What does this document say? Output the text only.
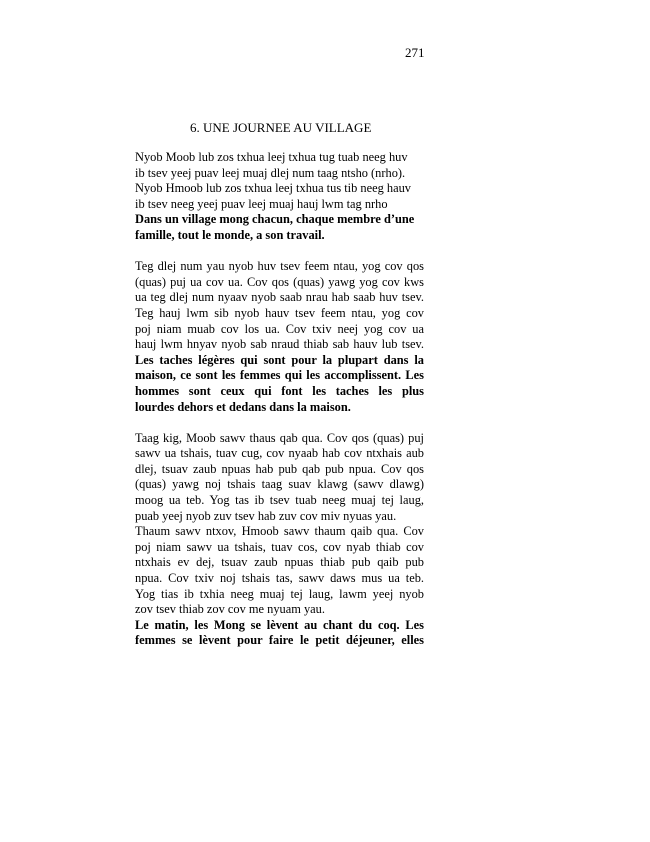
271
6. UNE JOURNEE AU VILLAGE
Nyob Moob lub zos txhua leej txhua tug tuab neeg huv
ib tsev yeej puav leej muaj dlej num taag ntsho (nrho).
Nyob Hmoob lub zos txhua leej txhua tus tib neeg hauv
ib tsev neeg yeej puav leej muaj hauj lwm tag nrho
Dans un village mong chacun, chaque membre d’une
famille, tout le monde, a son travail.
Teg dlej num yau nyob huv tsev feem ntau, yog cov qos
(quas) puj ua cov ua. Cov qos (quas) yawg yog cov kws
ua teg dlej num nyaav nyob saab nrau hab saab huv tsev.
Teg hauj lwm sib nyob hauv tsev feem ntau, yog cov
poj niam muab cov los ua. Cov txiv neej yog cov ua
hauj lwm hnyav nyob sab nraud thiab sab hauv lub tsev.
Les taches légères qui sont pour la plupart dans la
maison, ce sont les femmes qui les accomplissent. Les
hommes sont ceux qui font les taches les plus
lourdes dehors et dedans dans la maison.
Taag kig, Moob sawv thaus qab qua. Cov qos (quas) puj
sawv ua tshais, tuav cug, cov nyaab hab cov ntxhais aub
dlej, tsuav zaub npuas hab pub qab pub npua. Cov qos
(quas) yawg noj tshais taag suav klawg (sawv dlawg)
moog ua teb. Yog tas ib tsev tuab neeg muaj tej laug,
puab yeej nyob zuv tsev hab zuv cov miv nyuas yau.
Thaum sawv ntxov, Hmoob sawv thaum qaib qua. Cov
poj niam sawv ua tshais, tuav cos, cov nyab thiab cov
ntxhais ev dej, tsuav zaub npuas thiab pub qaib pub
npua. Cov txiv noj tshais tas, sawv daws mus ua teb.
Yog tias ib txhia neeg muaj tej laug, lawm yeej nyob
zov tsev thiab zov cov me nyuam yau.
Le matin, les Mong se lèvent au chant du coq. Les
femmes se lèvent pour faire le petit déjeuner, elles
